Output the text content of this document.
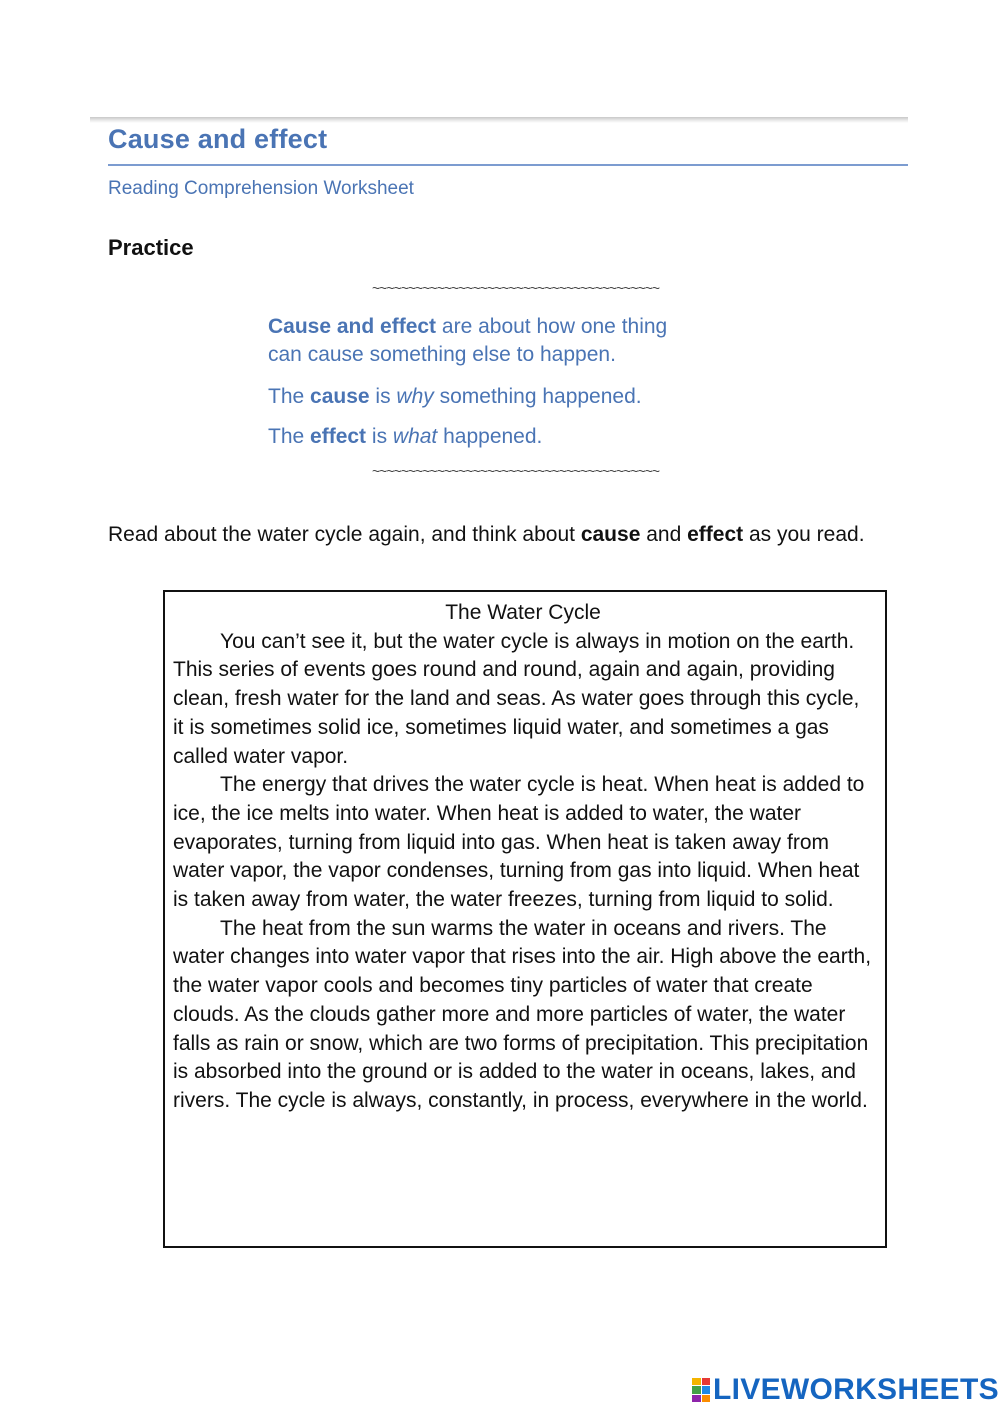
Cause and effect
Reading Comprehension Worksheet
Practice
~~~~~~~~~~~~~~~~~~~~~~~~~~~~~~~~~~~~~~~~
Cause and effect are about how one thing
can cause something else to happen.
The cause is why something happened.
The effect is what happened.
~~~~~~~~~~~~~~~~~~~~~~~~~~~~~~~~~~~~~~~~
Read about the water cycle again, and think about cause and effect as you read.
The Water Cycle

You can’t see it, but the water cycle is always in motion on the earth. This series of events goes round and round, again and again, providing clean, fresh water for the land and seas. As water goes through this cycle, it is sometimes solid ice, sometimes liquid water, and sometimes a gas called water vapor.

The energy that drives the water cycle is heat. When heat is added to ice, the ice melts into water. When heat is added to water, the water evaporates, turning from liquid into gas. When heat is taken away from water vapor, the vapor condenses, turning from gas into liquid. When heat is taken away from water, the water freezes, turning from liquid to solid.

The heat from the sun warms the water in oceans and rivers. The water changes into water vapor that rises into the air. High above the earth, the water vapor cools and becomes tiny particles of water that create clouds. As the clouds gather more and more particles of water, the water falls as rain or snow, which are two forms of precipitation. This precipitation is absorbed into the ground or is added to the water in oceans, lakes, and rivers. The cycle is always, constantly, in process, everywhere in the world.

LIVEWORKSHEETS
